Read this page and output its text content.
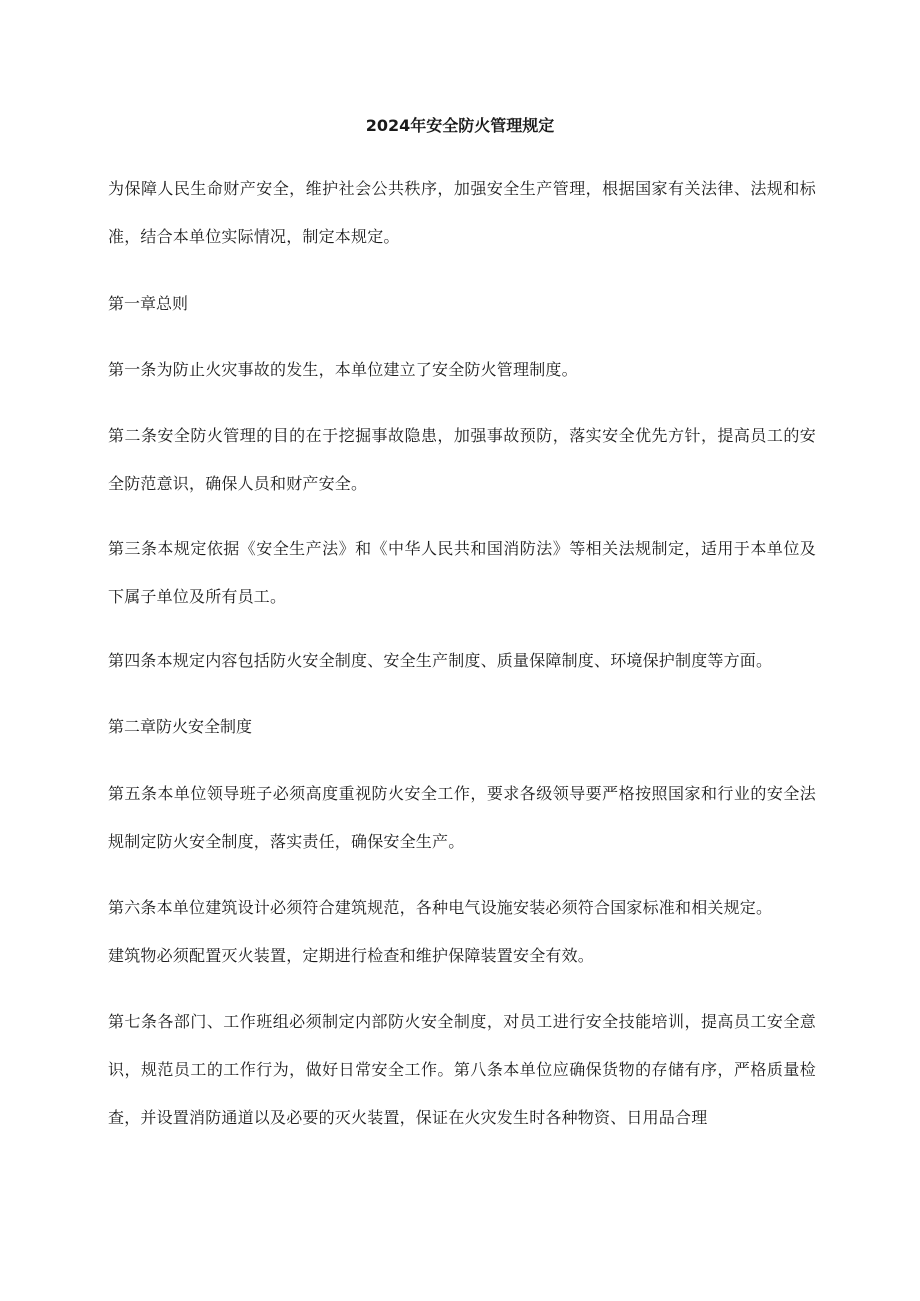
2024年安全防火管理规定

为保障人民生命财产安全，维护社会公共秩序，加强安全生产管理，根据国家有关法律、法规和标准，结合本单位实际情况，制定本规定。

第一章总则

第一条为防止火灾事故的发生，本单位建立了安全防火管理制度。

第二条安全防火管理的目的在于挖掘事故隐患，加强事故预防，落实安全优先方针，提高员工的安全防范意识，确保人员和财产安全。

第三条本规定依据《安全生产法》和《中华人民共和国消防法》等相关法规制定，适用于本单位及下属子单位及所有员工。

第四条本规定内容包括防火安全制度、安全生产制度、质量保障制度、环境保护制度等方面。

第二章防火安全制度

第五条本单位领导班子必须高度重视防火安全工作，要求各级领导要严格按照国家和行业的安全法规制定防火安全制度，落实责任，确保安全生产。

第六条本单位建筑设计必须符合建筑规范，各种电气设施安装必须符合国家标准和相关规定。

建筑物必须配置灭火装置，定期进行检查和维护保障装置安全有效。

第七条各部门、工作班组必须制定内部防火安全制度，对员工进行安全技能培训，提高员工安全意识，规范员工的工作行为，做好日常安全工作。第八条本单位应确保货物的存储有序，严格质量检查，并设置消防通道以及必要的灭火装置，保证在火灾发生时各种物资、日用品合理
